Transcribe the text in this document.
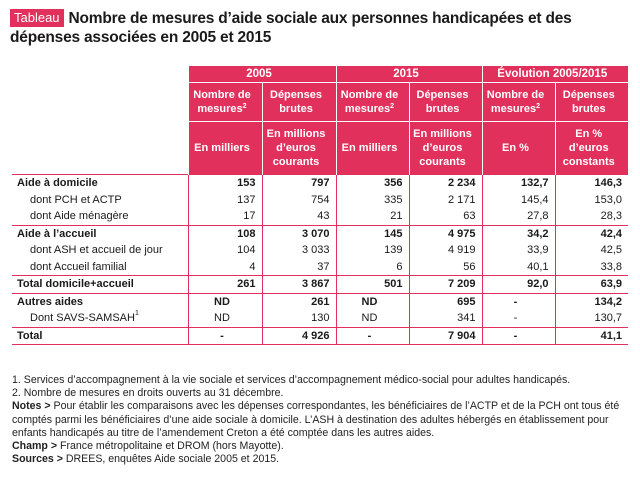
Tableau Nombre de mesures d’aide sociale aux personnes handicapées et des dépenses associées en 2005 et 2015
	2005		2015		Évolution 2005/2015	
	Nombre de mesures$^2$	Dépenses brutes	Nombre de mesures$^2$	Dépenses brutes	Nombre de mesures$^2$	Dépenses brutes
	En milliers	En millions d’euros courants	En milliers	En millions d’euros courants	En %	En % d’euros constants
Aide à domicile	153	797	356	2 234	132,7	146,3
dont PCH et ACTP	137	754	335	2 171	145,4	153,0
dont Aide ménagère	17	43	21	63	27,8	28,3
Aide à l’accueil	108	3 070	145	4 975	34,2	42,4
dont ASH et accueil de jour	104	3 033	139	4 919	33,9	42,5
dont Accueil familial	4	37	6	56	40,1	33,8
Total domicile+accueil	261	3 867	501	7 209	92,0	63,9
Autres aides	ND	261	ND	695	-	134,2
Dont SAVS-SAMSAH$^1$	ND	130	ND	341	-	130,7
Total	-	4 926	-	7 904	-	41,1

1. Services d’accompagnement à la vie sociale et services d’accompagnement médico-social pour adultes handicapés.

2. Nombre de mesures en droits ouverts au 31 décembre.

Notes > Pour établir les comparaisons avec les dépenses correspondantes, les bénéficiaires de l’ACTP et de la PCH ont tous été comptés parmi les bénéficiaires d’une aide sociale à domicile. L’ASH à destination des adultes hébergés en établissement pour enfants handicapés au titre de l’amendement Creton a été comptée dans les autres aides.

Champ > France métropolitaine et DROM (hors Mayotte).

Sources > DREES, enquêtes Aide sociale 2005 et 2015.
